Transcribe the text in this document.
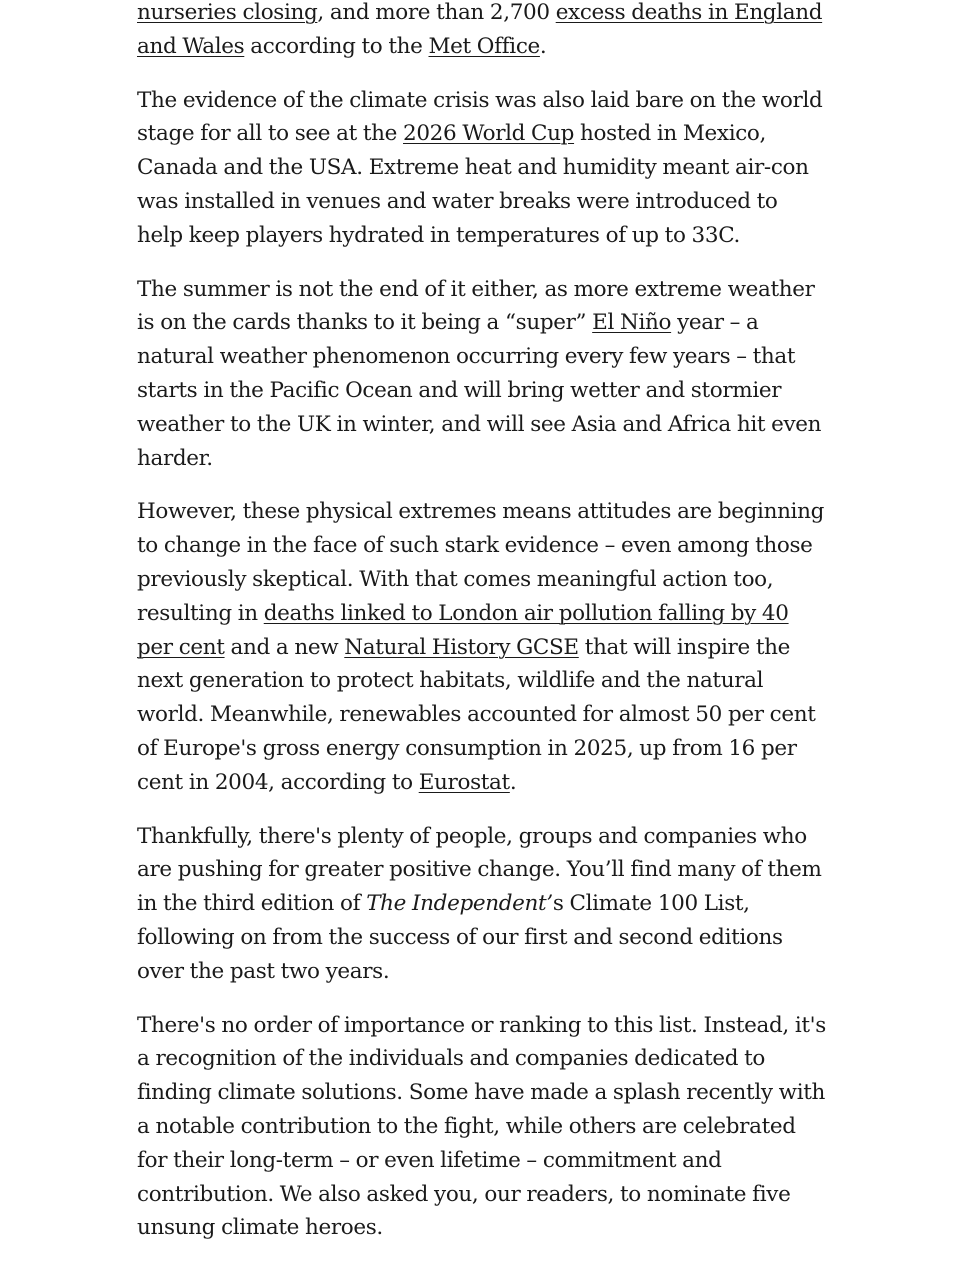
nurseries closing, and more than 2,700 excess deaths in England and Wales according to the Met Office.

The evidence of the climate crisis was also laid bare on the world stage for all to see at the 2026 World Cup hosted in Mexico, Canada and the USA. Extreme heat and humidity meant air-con was installed in venues and water breaks were introduced to help keep players hydrated in temperatures of up to 33C.

The summer is not the end of it either, as more extreme weather is on the cards thanks to it being a “super” El Niño year – a natural weather phenomenon occurring every few years – that starts in the Pacific Ocean and will bring wetter and stormier weather to the UK in winter, and will see Asia and Africa hit even harder.

However, these physical extremes means attitudes are beginning to change in the face of such stark evidence – even among those previously skeptical. With that comes meaningful action too, resulting in deaths linked to London air pollution falling by 40 per cent and a new Natural History GCSE that will inspire the next generation to protect habitats, wildlife and the natural world. Meanwhile, renewables accounted for almost 50 per cent of Europe's gross energy consumption in 2025, up from 16 per cent in 2004, according to Eurostat.

Thankfully, there's plenty of people, groups and companies who are pushing for greater positive change. You’ll find many of them in the third edition of The Independent’s Climate 100 List, following on from the success of our first and second editions over the past two years.

There's no order of importance or ranking to this list. Instead, it's a recognition of the individuals and companies dedicated to finding climate solutions. Some have made a splash recently with a notable contribution to the fight, while others are celebrated for their long-term – or even lifetime – commitment and contribution. We also asked you, our readers, to nominate five unsung climate heroes.
